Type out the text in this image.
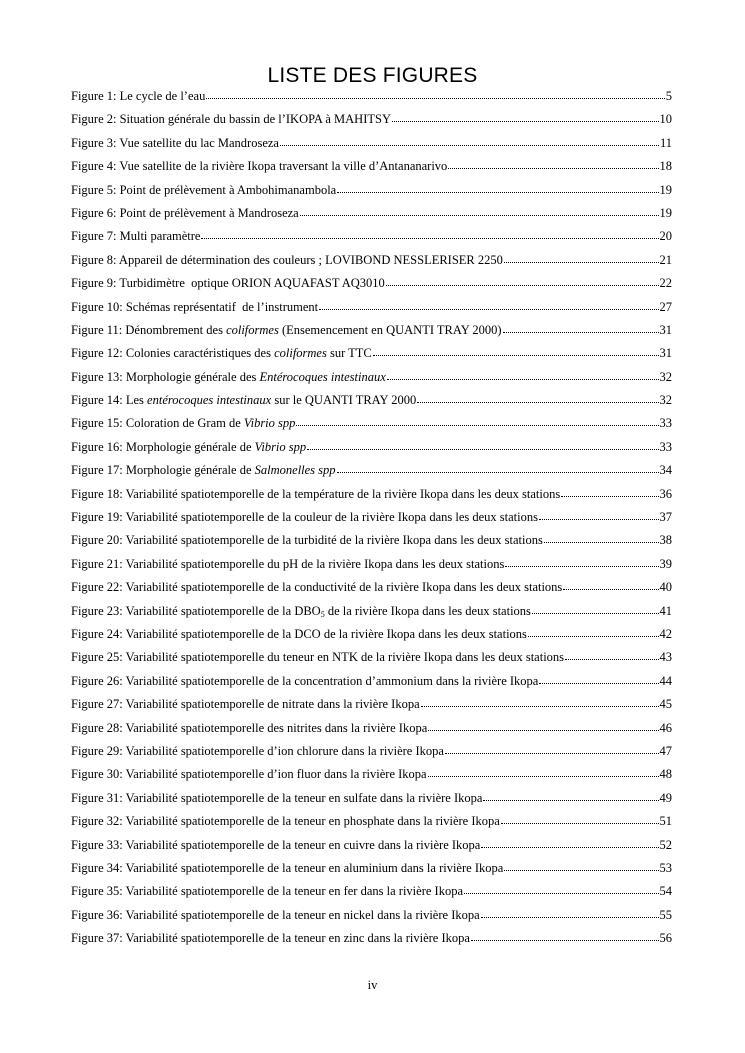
LISTE DES FIGURES
Figure 1: Le cycle de l’eau	5
Figure 2: Situation générale du bassin de l’IKOPA à MAHITSY	10
Figure 3: Vue satellite du lac Mandroseza	11
Figure 4: Vue satellite de la rivière Ikopa traversant la ville d’Antananarivo	18
Figure 5: Point de prélèvement à Ambohimanambola	19
Figure 6: Point de prélèvement à Mandroseza	19
Figure 7: Multi paramètre	20
Figure 8: Appareil de détermination des couleurs ; LOVIBOND NESSLERISER 2250	21
Figure 9: Turbidimètre  optique ORION AQUAFAST AQ3010	22
Figure 10: Schémas représentatif  de l’instrument	27
Figure 11: Dénombrement des coliformes (Ensemencement en QUANTI TRAY 2000)	31
Figure 12: Colonies caractéristiques des coliformes sur TTC	31
Figure 13: Morphologie générale des Entérocoques intestinaux	32
Figure 14: Les entérocoques intestinaux sur le QUANTI TRAY 2000	32
Figure 15: Coloration de Gram de Vibrio spp	33
Figure 16: Morphologie générale de Vibrio spp	33
Figure 17: Morphologie générale de Salmonelles spp	34
Figure 18: Variabilité spatiotemporelle de la température de la rivière Ikopa dans les deux stations	36
Figure 19: Variabilité spatiotemporelle de la couleur de la rivière Ikopa dans les deux stations	37
Figure 20: Variabilité spatiotemporelle de la turbidité de la rivière Ikopa dans les deux stations	38
Figure 21: Variabilité spatiotemporelle du pH de la rivière Ikopa dans les deux stations	39
Figure 22: Variabilité spatiotemporelle de la conductivité de la rivière Ikopa dans les deux stations	40
Figure 23: Variabilité spatiotemporelle de la $DBO_5$ de la rivière Ikopa dans les deux stations	41
Figure 24: Variabilité spatiotemporelle de la DCO de la rivière Ikopa dans les deux stations	42
Figure 25: Variabilité spatiotemporelle du teneur en NTK de la rivière Ikopa dans les deux stations	43
Figure 26: Variabilité spatiotemporelle de la concentration d’ammonium dans la rivière Ikopa	44
Figure 27: Variabilité spatiotemporelle de nitrate dans la rivière Ikopa	45
Figure 28: Variabilité spatiotemporelle des nitrites dans la rivière Ikopa	46
Figure 29: Variabilité spatiotemporelle d’ion chlorure dans la rivière Ikopa	47
Figure 30: Variabilité spatiotemporelle d’ion fluor dans la rivière Ikopa	48
Figure 31: Variabilité spatiotemporelle de la teneur en sulfate dans la rivière Ikopa	49
Figure 32: Variabilité spatiotemporelle de la teneur en phosphate dans la rivière Ikopa	51
Figure 33: Variabilité spatiotemporelle de la teneur en cuivre dans la rivière Ikopa	52
Figure 34: Variabilité spatiotemporelle de la teneur en aluminium dans la rivière Ikopa	53
Figure 35: Variabilité spatiotemporelle de la teneur en fer dans la rivière Ikopa	54
Figure 36: Variabilité spatiotemporelle de la teneur en nickel dans la rivière Ikopa	55
Figure 37: Variabilité spatiotemporelle de la teneur en zinc dans la rivière Ikopa	56
iv
